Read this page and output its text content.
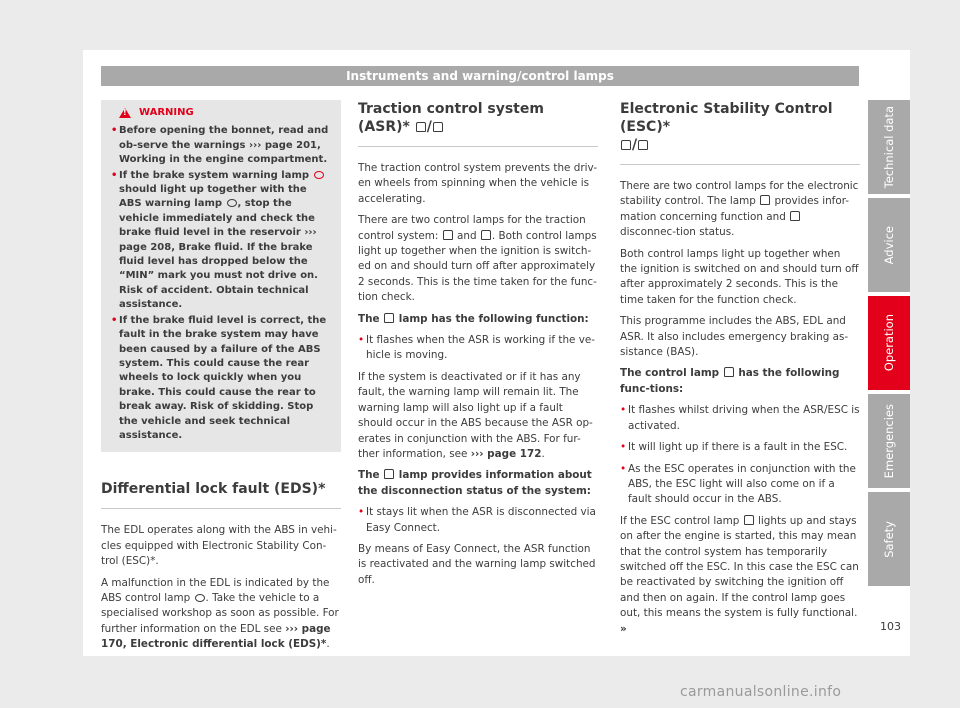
Instruments and warning/control lamps
!
WARNING
• Before opening the bonnet, read and ob-serve the warnings ››› page 201, Working in the engine compartment.
• If the brake system warning lamp  should light up together with the ABS warning lamp , stop the vehicle immediately and check the brake fluid level in the reservoir ››› page 208, Brake fluid. If the brake fluid level has dropped below the “MIN” mark you must not drive on. Risk of accident. Obtain technical assistance.
• If the brake fluid level is correct, the fault in the brake system may have been caused by a failure of the ABS system. This could cause the rear wheels to lock quickly when you brake. This could cause the rear to break away. Risk of skidding. Stop the vehicle and seek technical assistance.
Differential lock fault (EDS)*

The EDL operates along with the ABS in vehi-cles equipped with Electronic Stability Con-trol (ESC)*.

A malfunction in the EDL is indicated by the ABS control lamp . Take the vehicle to a specialised workshop as soon as possible. For further information on the EDL see ››› page 170, Electronic differential lock (EDS)*.

Traction control system (ASR)* /

The traction control system prevents the driv-en wheels from spinning when the vehicle is accelerating.

There are two control lamps for the traction control system:  and . Both control lamps light up together when the ignition is switch-ed on and should turn off after approximately 2 seconds. This is the time taken for the func-tion check.

The  lamp has the following function:

• It flashes when the ASR is working if the ve-hicle is moving.

If the system is deactivated or if it has any fault, the warning lamp will remain lit. The warning lamp will also light up if a fault should occur in the ABS because the ASR op-erates in conjunction with the ABS. For fur-ther information, see ››› page 172.

The  lamp provides information about the disconnection status of the system:

• It stays lit when the ASR is disconnected via Easy Connect.

By means of Easy Connect, the ASR function is reactivated and the warning lamp switched off.

Electronic Stability Control (ESC)*
/

There are two control lamps for the electronic stability control. The lamp  provides infor-mation concerning function and  disconnec-tion status.

Both control lamps light up together when the ignition is switched on and should turn off after approximately 2 seconds. This is the time taken for the function check.

This programme includes the ABS, EDL and ASR. It also includes emergency braking as-sistance (BAS).

The control lamp  has the following func-tions:

• It flashes whilst driving when the ASR/ESC is activated.
• It will light up if there is a fault in the ESC.
• As the ESC operates in conjunction with the ABS, the ESC light will also come on if a fault should occur in the ABS.

If the ESC control lamp  lights up and stays on after the engine is started, this may mean that the control system has temporarily switched off the ESC. In this case the ESC can be reactivated by switching the ignition off and then on again. If the control lamp goes out, this means the system is fully functional. »

Technical data
Advice
Operation
Emergencies
Safety
103
carmanualsonline.info
